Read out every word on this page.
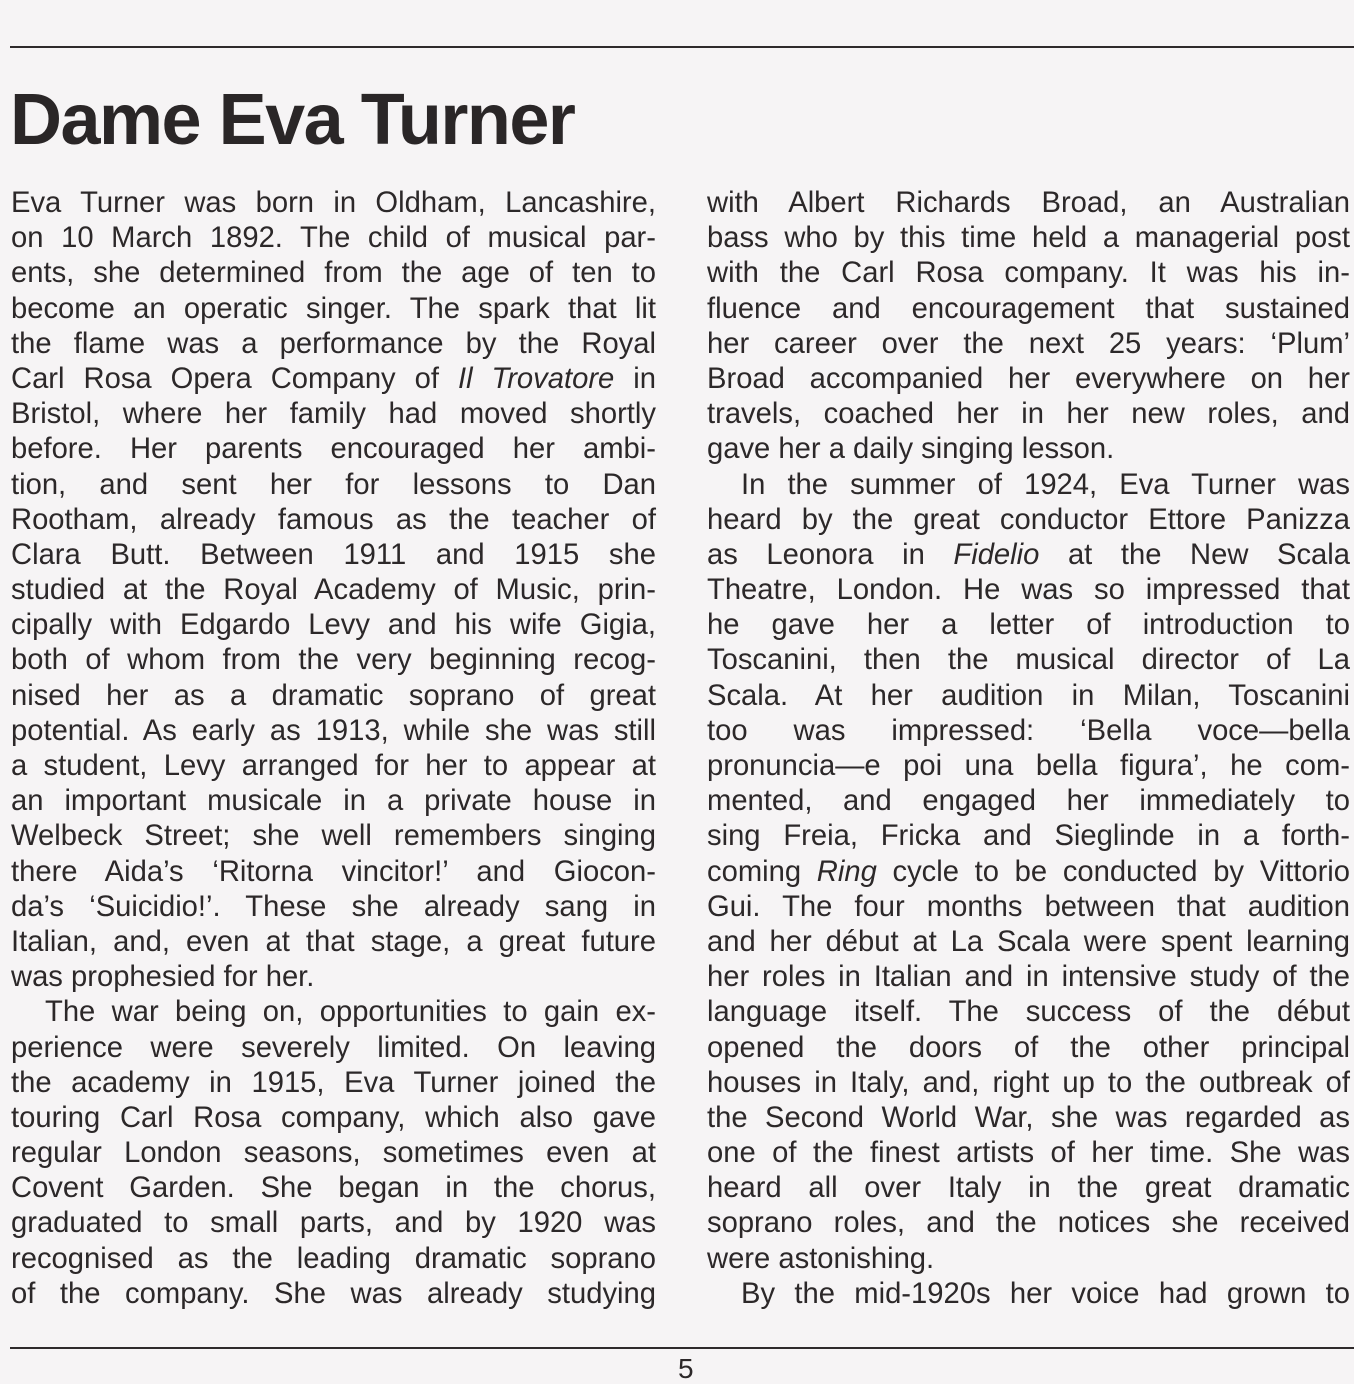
Dame Eva Turner
Eva Turner was born in Oldham, Lancashire,
on 10 March 1892. The child of musical par-
ents, she determined from the age of ten to
become an operatic singer. The spark that lit
the flame was a performance by the Royal
Carl Rosa Opera Company of Il Trovatore in
Bristol, where her family had moved shortly
before. Her parents encouraged her ambi-
tion, and sent her for lessons to Dan
Rootham, already famous as the teacher of
Clara Butt. Between 1911 and 1915 she
studied at the Royal Academy of Music, prin-
cipally with Edgardo Levy and his wife Gigia,
both of whom from the very beginning recog-
nised her as a dramatic soprano of great
potential. As early as 1913, while she was still
a student, Levy arranged for her to appear at
an important musicale in a private house in
Welbeck Street; she well remembers singing
there Aida’s ‘Ritorna vincitor!’ and Giocon-
da’s ‘Suicidio!’. These she already sang in
Italian, and, even at that stage, a great future
was prophesied for her.
The war being on, opportunities to gain ex-
perience were severely limited. On leaving
the academy in 1915, Eva Turner joined the
touring Carl Rosa company, which also gave
regular London seasons, sometimes even at
Covent Garden. She began in the chorus,
graduated to small parts, and by 1920 was
recognised as the leading dramatic soprano
of the company. She was already studying
with Albert Richards Broad, an Australian
bass who by this time held a managerial post
with the Carl Rosa company. It was his in-
fluence and encouragement that sustained
her career over the next 25 years: ‘Plum’
Broad accompanied her everywhere on her
travels, coached her in her new roles, and
gave her a daily singing lesson.
In the summer of 1924, Eva Turner was
heard by the great conductor Ettore Panizza
as Leonora in Fidelio at the New Scala
Theatre, London. He was so impressed that
he gave her a letter of introduction to
Toscanini, then the musical director of La
Scala. At her audition in Milan, Toscanini
too was impressed: ‘Bella voce—bella
pronuncia—e poi una bella figura’, he com-
mented, and engaged her immediately to
sing Freia, Fricka and Sieglinde in a forth-
coming Ring cycle to be conducted by Vittorio
Gui. The four months between that audition
and her début at La Scala were spent learning
her roles in Italian and in intensive study of the
language itself. The success of the début
opened the doors of the other principal
houses in Italy, and, right up to the outbreak of
the Second World War, she was regarded as
one of the finest artists of her time. She was
heard all over Italy in the great dramatic
soprano roles, and the notices she received
were astonishing.
By the mid-1920s her voice had grown to
5
